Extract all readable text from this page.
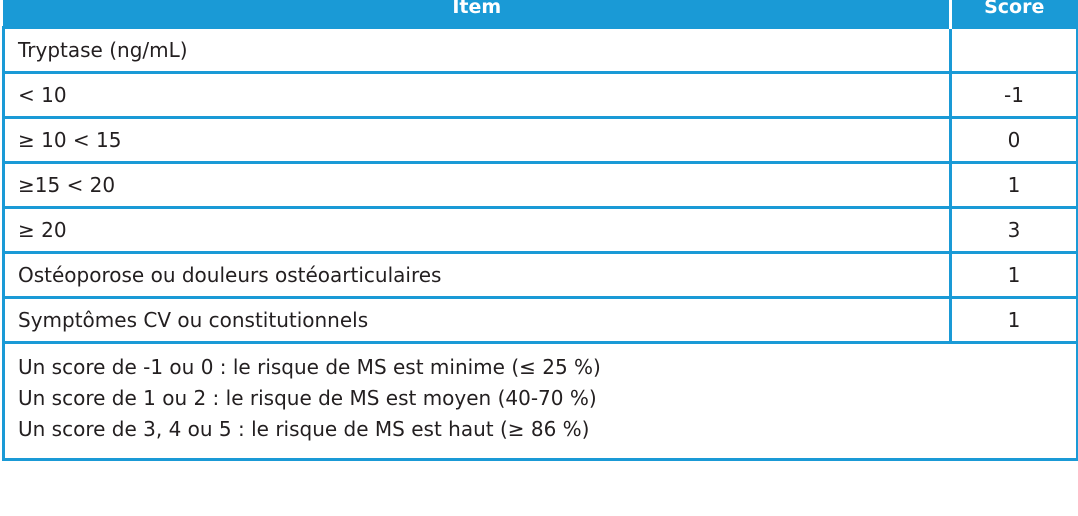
Item	Score
Tryptase (ng/mL)	
< 10	-1
≥ 10 < 15	0
≥15 < 20	1
≥ 20	3
Ostéoporose ou douleurs ostéoarticulaires	1
Symptômes CV ou constitutionnels	1

Un score de -1 ou 0 : le risque de MS est minime (≤ 25 %)
Un score de 1 ou 2 : le risque de MS est moyen (40-70 %)
Un score de 3, 4 ou 5 : le risque de MS est haut (≥ 86 %)	
